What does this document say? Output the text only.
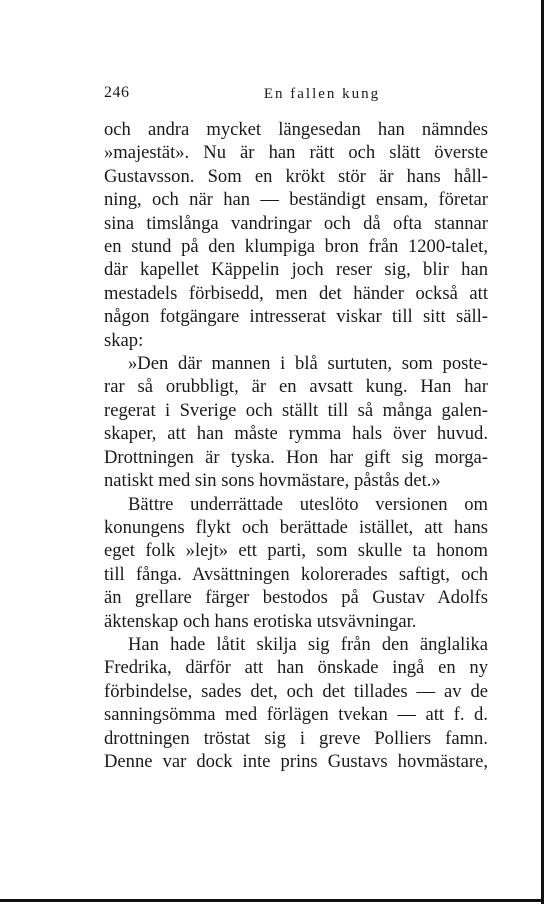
246	En fallen kung
och andra mycket längesedan han nämndes
»majestät». Nu är han rätt och slätt överste
Gustavsson. Som en krökt stör är hans håll-
ning, och när han — beständigt ensam, företar
sina timslånga vandringar och då ofta stannar
en stund på den klumpiga bron från 1200-talet,
där kapellet Käppelin joch reser sig, blir han
mestadels förbisedd, men det händer också att
någon fotgängare intresserat viskar till sitt säll-
skap:
»Den där mannen i blå surtuten, som poste-
rar så orubbligt, är en avsatt kung. Han har
regerat i Sverige och ställt till så många galen-
skaper, att han måste rymma hals över huvud.
Drottningen är tyska. Hon har gift sig morga-
natiskt med sin sons hovmästare, påstås det.»
Bättre underrättade uteslöto versionen om
konungens flykt och berättade istället, att hans
eget folk »lejt» ett parti, som skulle ta honom
till fånga. Avsättningen kolorerades saftigt, och
än grellare färger bestodos på Gustav Adolfs
äktenskap och hans erotiska utsvävningar.
Han hade låtit skilja sig från den änglalika
Fredrika, därför att han önskade ingå en ny
förbindelse, sades det, och det tillades — av de
sanningsömma med förlägen tvekan — att f. d.
drottningen tröstat sig i greve Polliers famn.
Denne var dock inte prins Gustavs hovmästare,
